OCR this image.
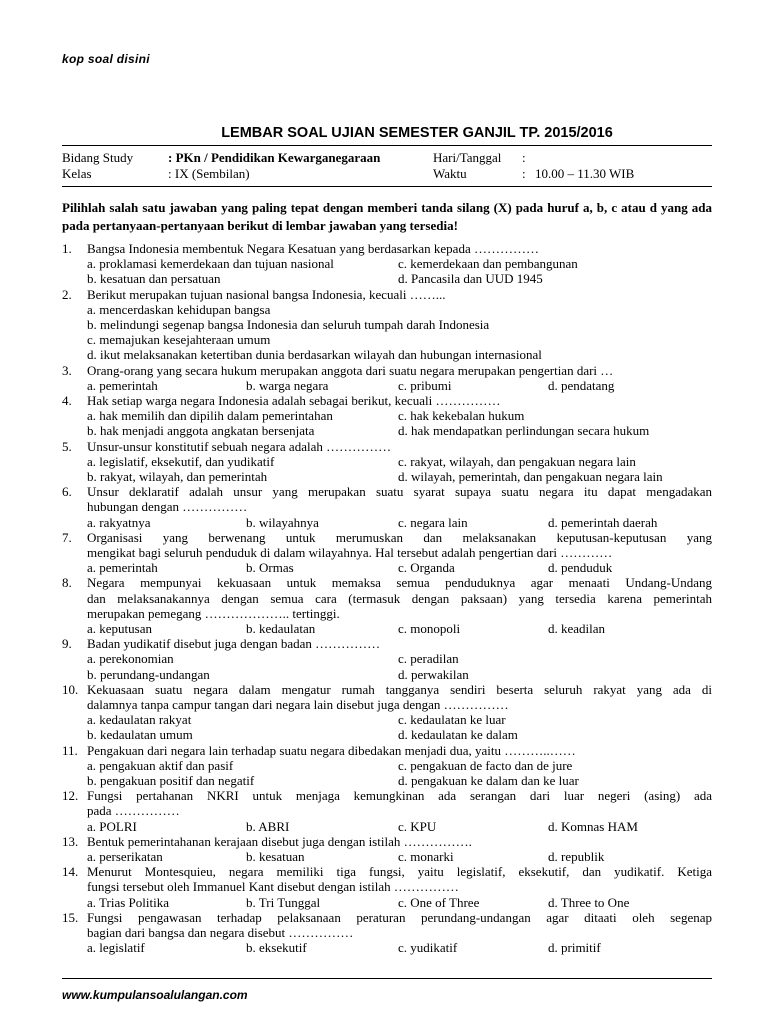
kop soal disini
LEMBAR SOAL UJIAN SEMESTER GANJIL TP. 2015/2016
Bidang Study	: PKn / Pendidikan Kewarganegaraan
Kelas	: IX (Sembilan)
Hari/Tanggal :
Waktu	: 10.00 – 11.30 WIB
Pilihlah salah satu jawaban yang paling tepat dengan memberi tanda silang (X) pada huruf a, b, c atau d yang ada pada pertanyaan-pertanyaan berikut di lembar jawaban yang tersedia!
1. Bangsa Indonesia membentuk Negara Kesatuan yang berdasarkan kepada ……………
a. proklamasi kemerdekaan dan tujuan nasional	c. kemerdekaan dan pembangunan
b. kesatuan dan persatuan	d. Pancasila dan UUD 1945
2. Berikut merupakan tujuan nasional bangsa Indonesia, kecuali ……...
a. mencerdaskan kehidupan bangsa
b. melindungi segenap bangsa Indonesia dan seluruh tumpah darah Indonesia
c. memajukan kesejahteraan umum
d. ikut melaksanakan ketertiban dunia berdasarkan wilayah dan hubungan internasional
3. Orang-orang yang secara hukum merupakan anggota dari suatu negara merupakan pengertian dari …
a. pemerintah	b. warga negara	c. pribumi	d. pendatang
4. Hak setiap warga negara Indonesia adalah sebagai berikut, kecuali ……………
a. hak memilih dan dipilih dalam pemerintahan	c. hak kekebalan hukum
b. hak menjadi anggota angkatan bersenjata	d. hak mendapatkan perlindungan secara hukum
5. Unsur-unsur konstitutif sebuah negara adalah ……………
a. legislatif, eksekutif, dan yudikatif	c. rakyat, wilayah, dan pengakuan negara lain
b. rakyat, wilayah, dan pemerintah	d. wilayah, pemerintah, dan pengakuan negara lain
6. Unsur deklaratif adalah unsur yang merupakan suatu syarat supaya suatu negara itu dapat mengadakan
hubungan dengan ……………
a. rakyatnya	b. wilayahnya	c. negara lain	d. pemerintah daerah
7. Organisasi yang berwenang untuk merumuskan dan melaksanakan keputusan-keputusan yang
mengikat bagi seluruh penduduk di dalam wilayahnya. Hal tersebut adalah pengertian dari …………
a. pemerintah	b. Ormas	c. Organda	d. penduduk
8. Negara mempunyai kekuasaan untuk memaksa semua penduduknya agar menaati Undang-Undang
dan melaksanakannya dengan semua cara (termasuk dengan paksaan) yang tersedia karena pemerintah
merupakan pemegang ……………….. tertinggi.
a. keputusan	b. kedaulatan	c. monopoli	d. keadilan
9. Badan yudikatif disebut juga dengan badan ……………
a. perekonomian	c. peradilan
b. perundang-undangan	d. perwakilan
10. Kekuasaan suatu negara dalam mengatur rumah tangganya sendiri beserta seluruh rakyat yang ada di
dalamnya tanpa campur tangan dari negara lain disebut juga dengan ……………
a. kedaulatan rakyat	c. kedaulatan ke luar
b. kedaulatan umum	d. kedaulatan ke dalam
11. Pengakuan dari negara lain terhadap suatu negara dibedakan menjadi dua, yaitu ………..……
a. pengakuan aktif dan pasif	c. pengakuan de facto dan de jure
b. pengakuan positif dan negatif	d. pengakuan ke dalam dan ke luar
12. Fungsi pertahanan NKRI untuk menjaga kemungkinan ada serangan dari luar negeri (asing) ada
pada ……………
a. POLRI	b. ABRI	c. KPU	d. Komnas HAM
13. Bentuk pemerintahanan kerajaan disebut juga dengan istilah …………….
a. perserikatan	b. kesatuan	c. monarki	d. republik
14. Menurut Montesquieu, negara memiliki tiga fungsi, yaitu legislatif, eksekutif, dan yudikatif. Ketiga
fungsi tersebut oleh Immanuel Kant disebut dengan istilah ……………
a. Trias Politika	b. Tri Tunggal	c. One of Three	d. Three to One
15. Fungsi pengawasan terhadap pelaksanaan peraturan perundang-undangan agar ditaati oleh segenap
bagian dari bangsa dan negara disebut ……………
a. legislatif	b. eksekutif	c. yudikatif	d. primitif
www.kumpulansoalulangan.com
